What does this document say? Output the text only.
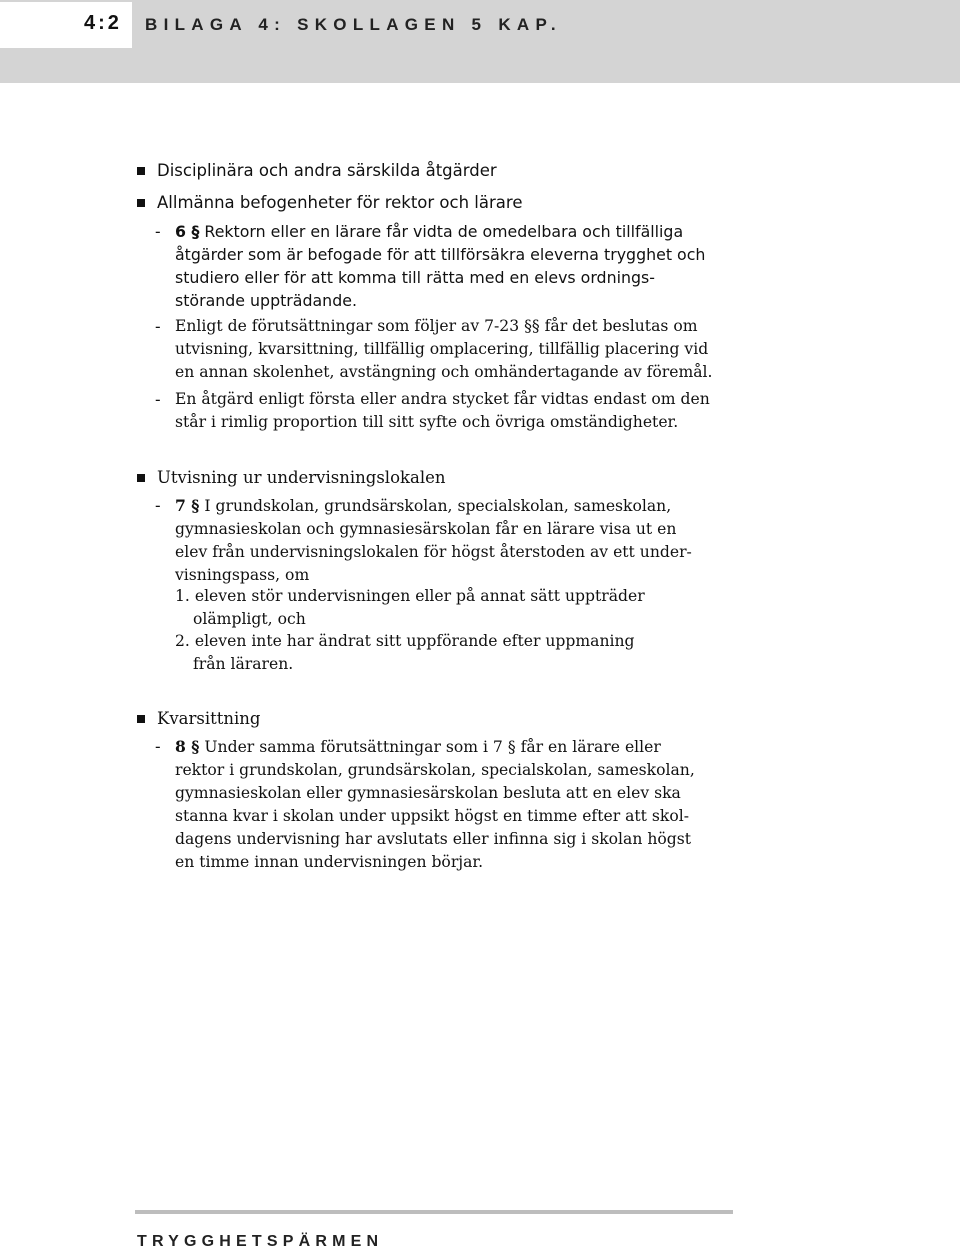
4:2 BILAGA 4: SKOLLAGEN 5 KAP.
Disciplinära och andra särskilda åtgärder
Allmänna befogenheter för rektor och lärare
- 6 § Rektorn eller en lärare får vidta de omedelbara och tillfälliga
åtgärder som är befogade för att tillförsäkra eleverna trygghet och
studiero eller för att komma till rätta med en elevs ordnings-
störande uppträdande.
- Enligt de förutsättningar som följer av 7-23 §§ får det beslutas om
utvisning, kvarsittning, tillfällig omplacering, tillfällig placering vid
en annan skolenhet, avstängning och omhändertagande av föremål.
- En åtgärd enligt första eller andra stycket får vidtas endast om den
står i rimlig proportion till sitt syfte och övriga omständigheter.
Utvisning ur undervisningslokalen
- 7 § I grundskolan, grundsärskolan, specialskolan, sameskolan,
gymnasieskolan och gymnasiesärskolan får en lärare visa ut en
elev från undervisningslokalen för högst återstoden av ett under-
visningspass, om
1. eleven stör undervisningen eller på annat sätt uppträder
olämpligt, och
2. eleven inte har ändrat sitt uppförande efter uppmaning
från läraren.
Kvarsittning
- 8 § Under samma förutsättningar som i 7 § får en lärare eller
rektor i grundskolan, grundsärskolan, specialskolan, sameskolan,
gymnasieskolan eller gymnasiesärskolan besluta att en elev ska
stanna kvar i skolan under uppsikt högst en timme efter att skol-
dagens undervisning har avslutats eller infinna sig i skolan högst
en timme innan undervisningen börjar.
TRYGGHETSPÄRMEN
